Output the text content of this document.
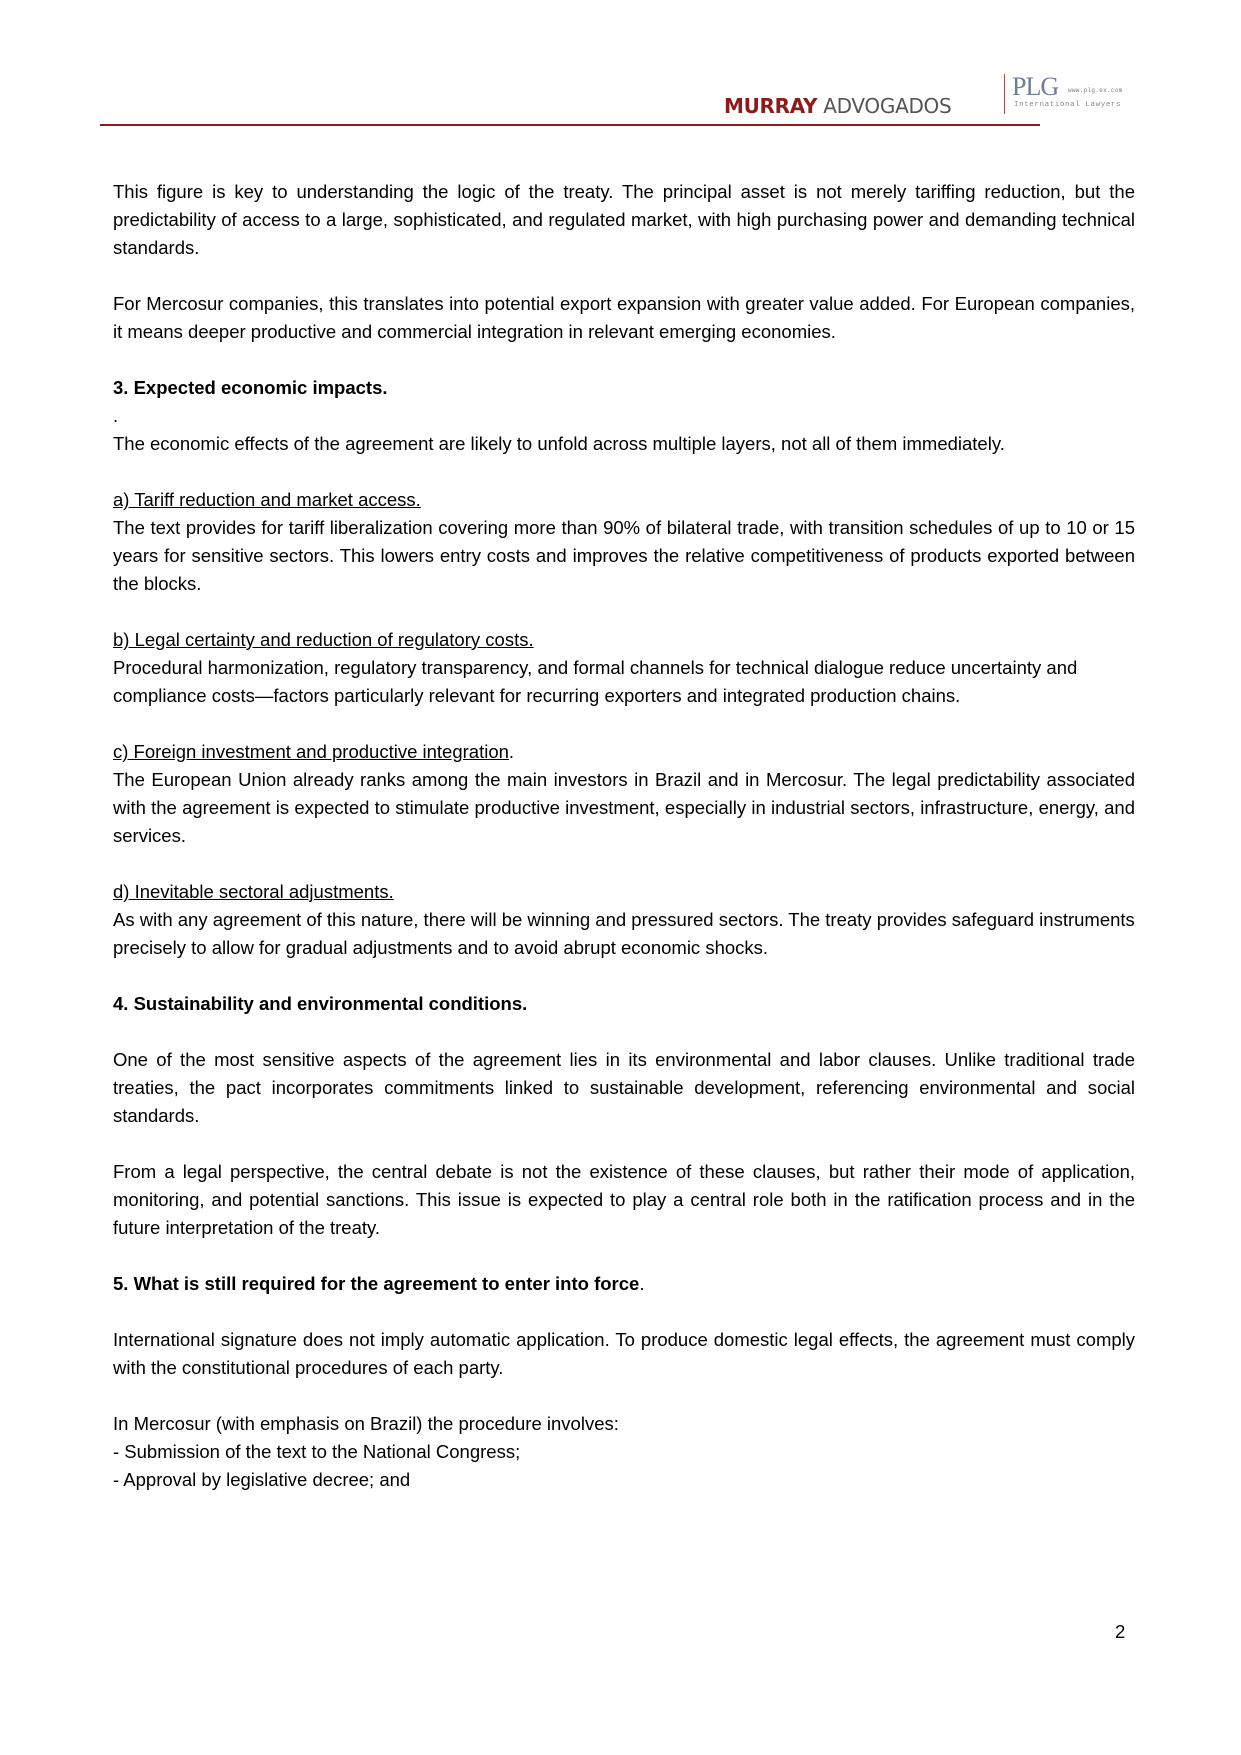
MURRAY ADVOGADOS
PLG www.plg.ex.com
International Lawyers

This figure is key to understanding the logic of the treaty. The principal asset is not merely tariffing reduction, but the predictability of access to a large, sophisticated, and regulated market, with high purchasing power and demanding technical standards.

For Mercosur companies, this translates into potential export expansion with greater value added. For European companies, it means deeper productive and commercial integration in relevant emerging economies.

3. Expected economic impacts.

.

The economic effects of the agreement are likely to unfold across multiple layers, not all of them immediately.

a) Tariff reduction and market access.

The text provides for tariff liberalization covering more than 90% of bilateral trade, with transition schedules of up to 10 or 15 years for sensitive sectors. This lowers entry costs and improves the relative competitiveness of products exported between the blocks.

b) Legal certainty and reduction of regulatory costs.

Procedural harmonization, regulatory transparency, and formal channels for technical dialogue reduce uncertainty and compliance costs—factors particularly relevant for recurring exporters and integrated production chains.

c) Foreign investment and productive integration.

The European Union already ranks among the main investors in Brazil and in Mercosur. The legal predictability associated with the agreement is expected to stimulate productive investment, especially in industrial sectors, infrastructure, energy, and services.

d) Inevitable sectoral adjustments.

As with any agreement of this nature, there will be winning and pressured sectors. The treaty provides safeguard instruments precisely to allow for gradual adjustments and to avoid abrupt economic shocks.

4. Sustainability and environmental conditions.

One of the most sensitive aspects of the agreement lies in its environmental and labor clauses. Unlike traditional trade treaties, the pact incorporates commitments linked to sustainable development, referencing environmental and social standards.

From a legal perspective, the central debate is not the existence of these clauses, but rather their mode of application, monitoring, and potential sanctions. This issue is expected to play a central role both in the ratification process and in the future interpretation of the treaty.

5. What is still required for the agreement to enter into force.

International signature does not imply automatic application. To produce domestic legal effects, the agreement must comply with the constitutional procedures of each party.

In Mercosur (with emphasis on Brazil) the procedure involves:

- Submission of the text to the National Congress;

- Approval by legislative decree; and

2
